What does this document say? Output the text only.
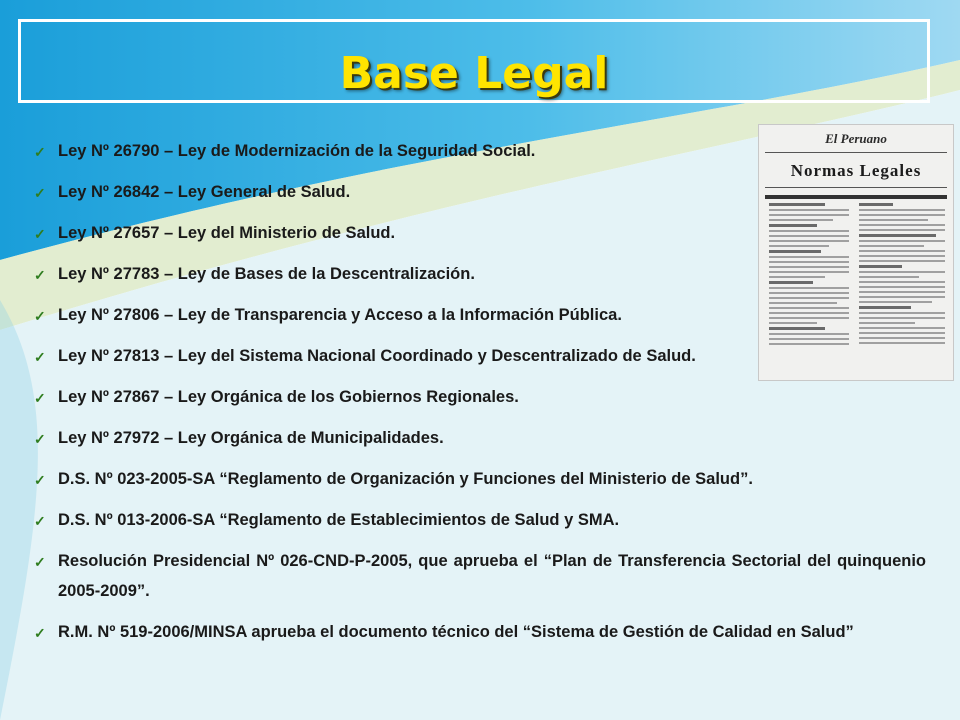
Base Legal
El Peruano
Normas Legales
✓ Ley Nº 26790 – Ley de Modernización de la Seguridad Social.
✓ Ley Nº 26842 – Ley General de Salud.
✓ Ley Nº 27657 – Ley del Ministerio de Salud.
✓ Ley Nº 27783 – Ley de Bases de la Descentralización.
✓ Ley Nº 27806 – Ley de Transparencia y Acceso a la Información Pública.
✓ Ley Nº 27813 – Ley del Sistema Nacional Coordinado y Descentralizado de Salud.
✓ Ley Nº 27867 – Ley Orgánica de los Gobiernos Regionales.
✓ Ley Nº 27972 – Ley Orgánica de Municipalidades.
✓ D.S. Nº 023-2005-SA “Reglamento de Organización y Funciones del Ministerio de Salud”.
✓ D.S. Nº 013-2006-SA “Reglamento de Establecimientos de Salud y SMA.
✓ Resolución Presidencial Nº 026-CND-P-2005, que aprueba el “Plan de Transferencia Sectorial del quinquenio 2005-2009”.
✓ R.M. Nº 519-2006/MINSA aprueba el documento técnico del “Sistema de Gestión de Calidad en Salud”
